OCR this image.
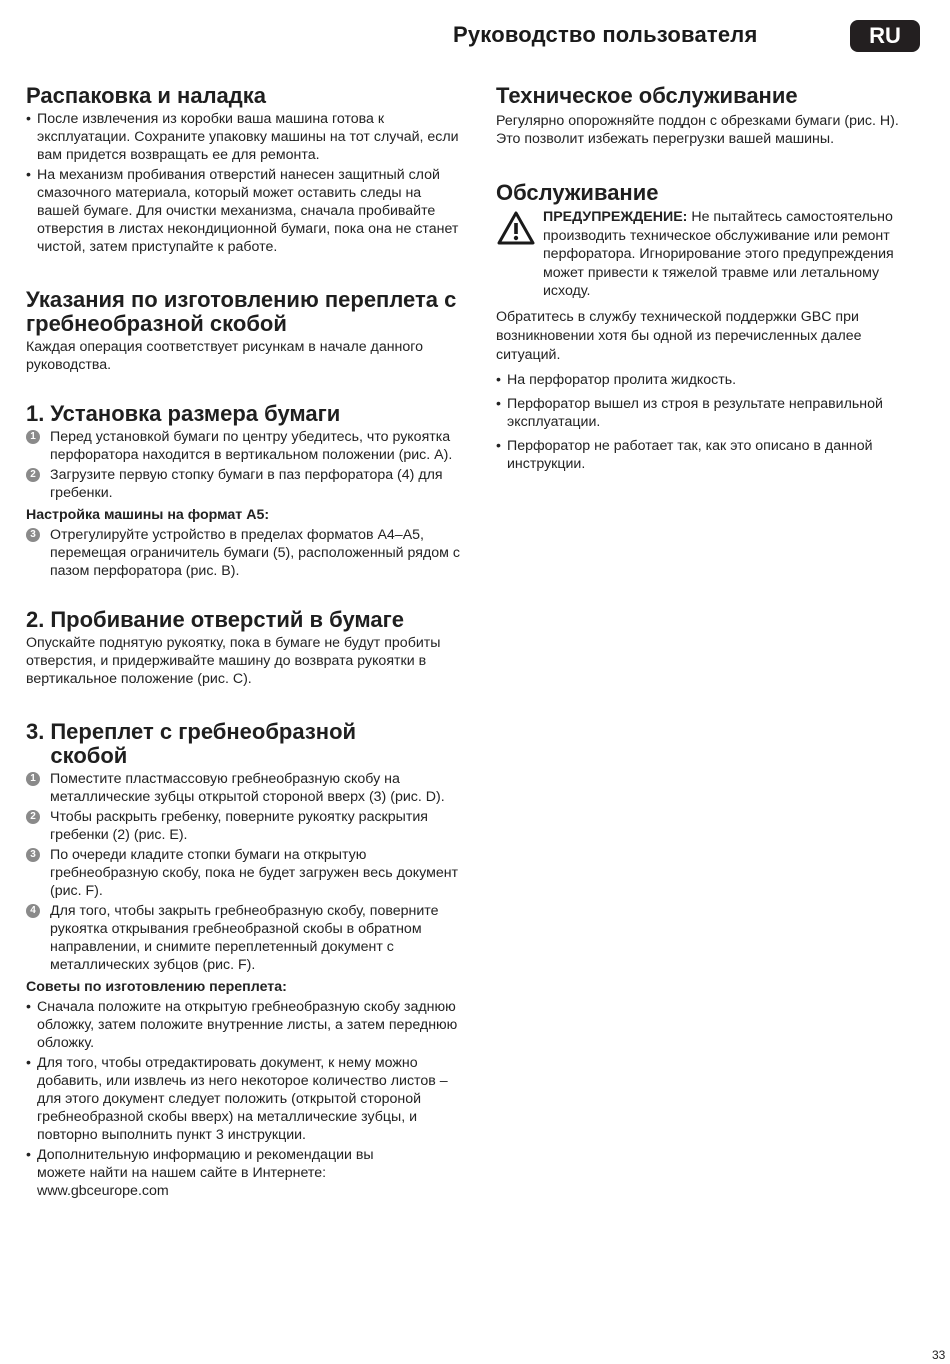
Руководство пользователя	RU
Распаковка и наладка
• После извлечения из коробки ваша машина готова к эксплуатации. Сохраните упаковку машины на тот случай, если вам придется возвращать ее для ремонта.
• На механизм пробивания отверстий нанесен защитный слой смазочного материала, который может оставить следы на вашей бумаге. Для очистки механизма, сначала пробивайте отверстия в листах некондиционной бумаги, пока она не станет чистой, затем приступайте к работе.
Указания по изготовлению переплета с гребнеобразной скобой

Каждая операция соответствует рисункам в начале данного руководства.

1. Установка размера бумаги
1 Перед установкой бумаги по центру убедитесь, что рукоятка перфоратора находится в вертикальном положении (рис. A).
2 Загрузите первую стопку бумаги в паз перфоратора (4) для гребенки.
Настройка машины на формат A5:
3 Отрегулируйте устройство в пределах форматов A4–A5, перемещая ограничитель бумаги (5), расположенный рядом с пазом перфоратора (рис. B).
2. Пробивание отверстий в бумаге

Опускайте поднятую рукоятку, пока в бумаге не будут пробиты отверстия, и придерживайте машину до возврата рукоятки в вертикальное положение (рис. C).

3. Переплет с гребнеобразной скобой
1 Поместите пластмассовую гребнеобразную скобу на металлические зубцы открытой стороной вверх (3) (рис. D).
2 Чтобы раскрыть гребенку, поверните рукоятку раскрытия гребенки (2) (рис. E).
3 По очереди кладите стопки бумаги на открытую гребнеобразную скобу, пока не будет загружен весь документ (рис. F).
4 Для того, чтобы закрыть гребнеобразную скобу, поверните рукоятка открывания гребнеобразной скобы в обратном направлении, и снимите переплетенный документ с металлических зубцов (рис. F).
Советы по изготовлению переплета:
• Сначала положите на открытую гребнеобразную скобу заднюю обложку, затем положите внутренние листы, а затем переднюю обложку.
• Для того, чтобы отредактировать документ, к нему можно добавить, или извлечь из него некоторое количество листов – для этого документ следует положить (открытой стороной гребнеобразной скобы вверх) на металлические зубцы, и повторно выполнить пункт 3 инструкции.
• Дополнительную информацию и рекомендации вы можете найти на нашем сайте в Интернете: www.gbceurope.com
Техническое обслуживание

Регулярно опорожняйте поддон с обрезками бумаги (рис. H). Это позволит избежать перегрузки вашей машины.

Обслуживание
ПРЕДУПРЕЖДЕНИЕ: Не пытайтесь самостоятельно производить техническое обслуживание или ремонт перфоратора. Игнорирование этого предупреждения может привести к тяжелой травме или летальному исходу.

Обратитесь в службу технической поддержки GBC при возникновении хотя бы одной из перечисленных далее ситуаций.

• На перфоратор пролита жидкость.
• Перфоратор вышел из строя в результате неправильной эксплуатации.
• Перфоратор не работает так, как это описано в данной инструкции.
33
